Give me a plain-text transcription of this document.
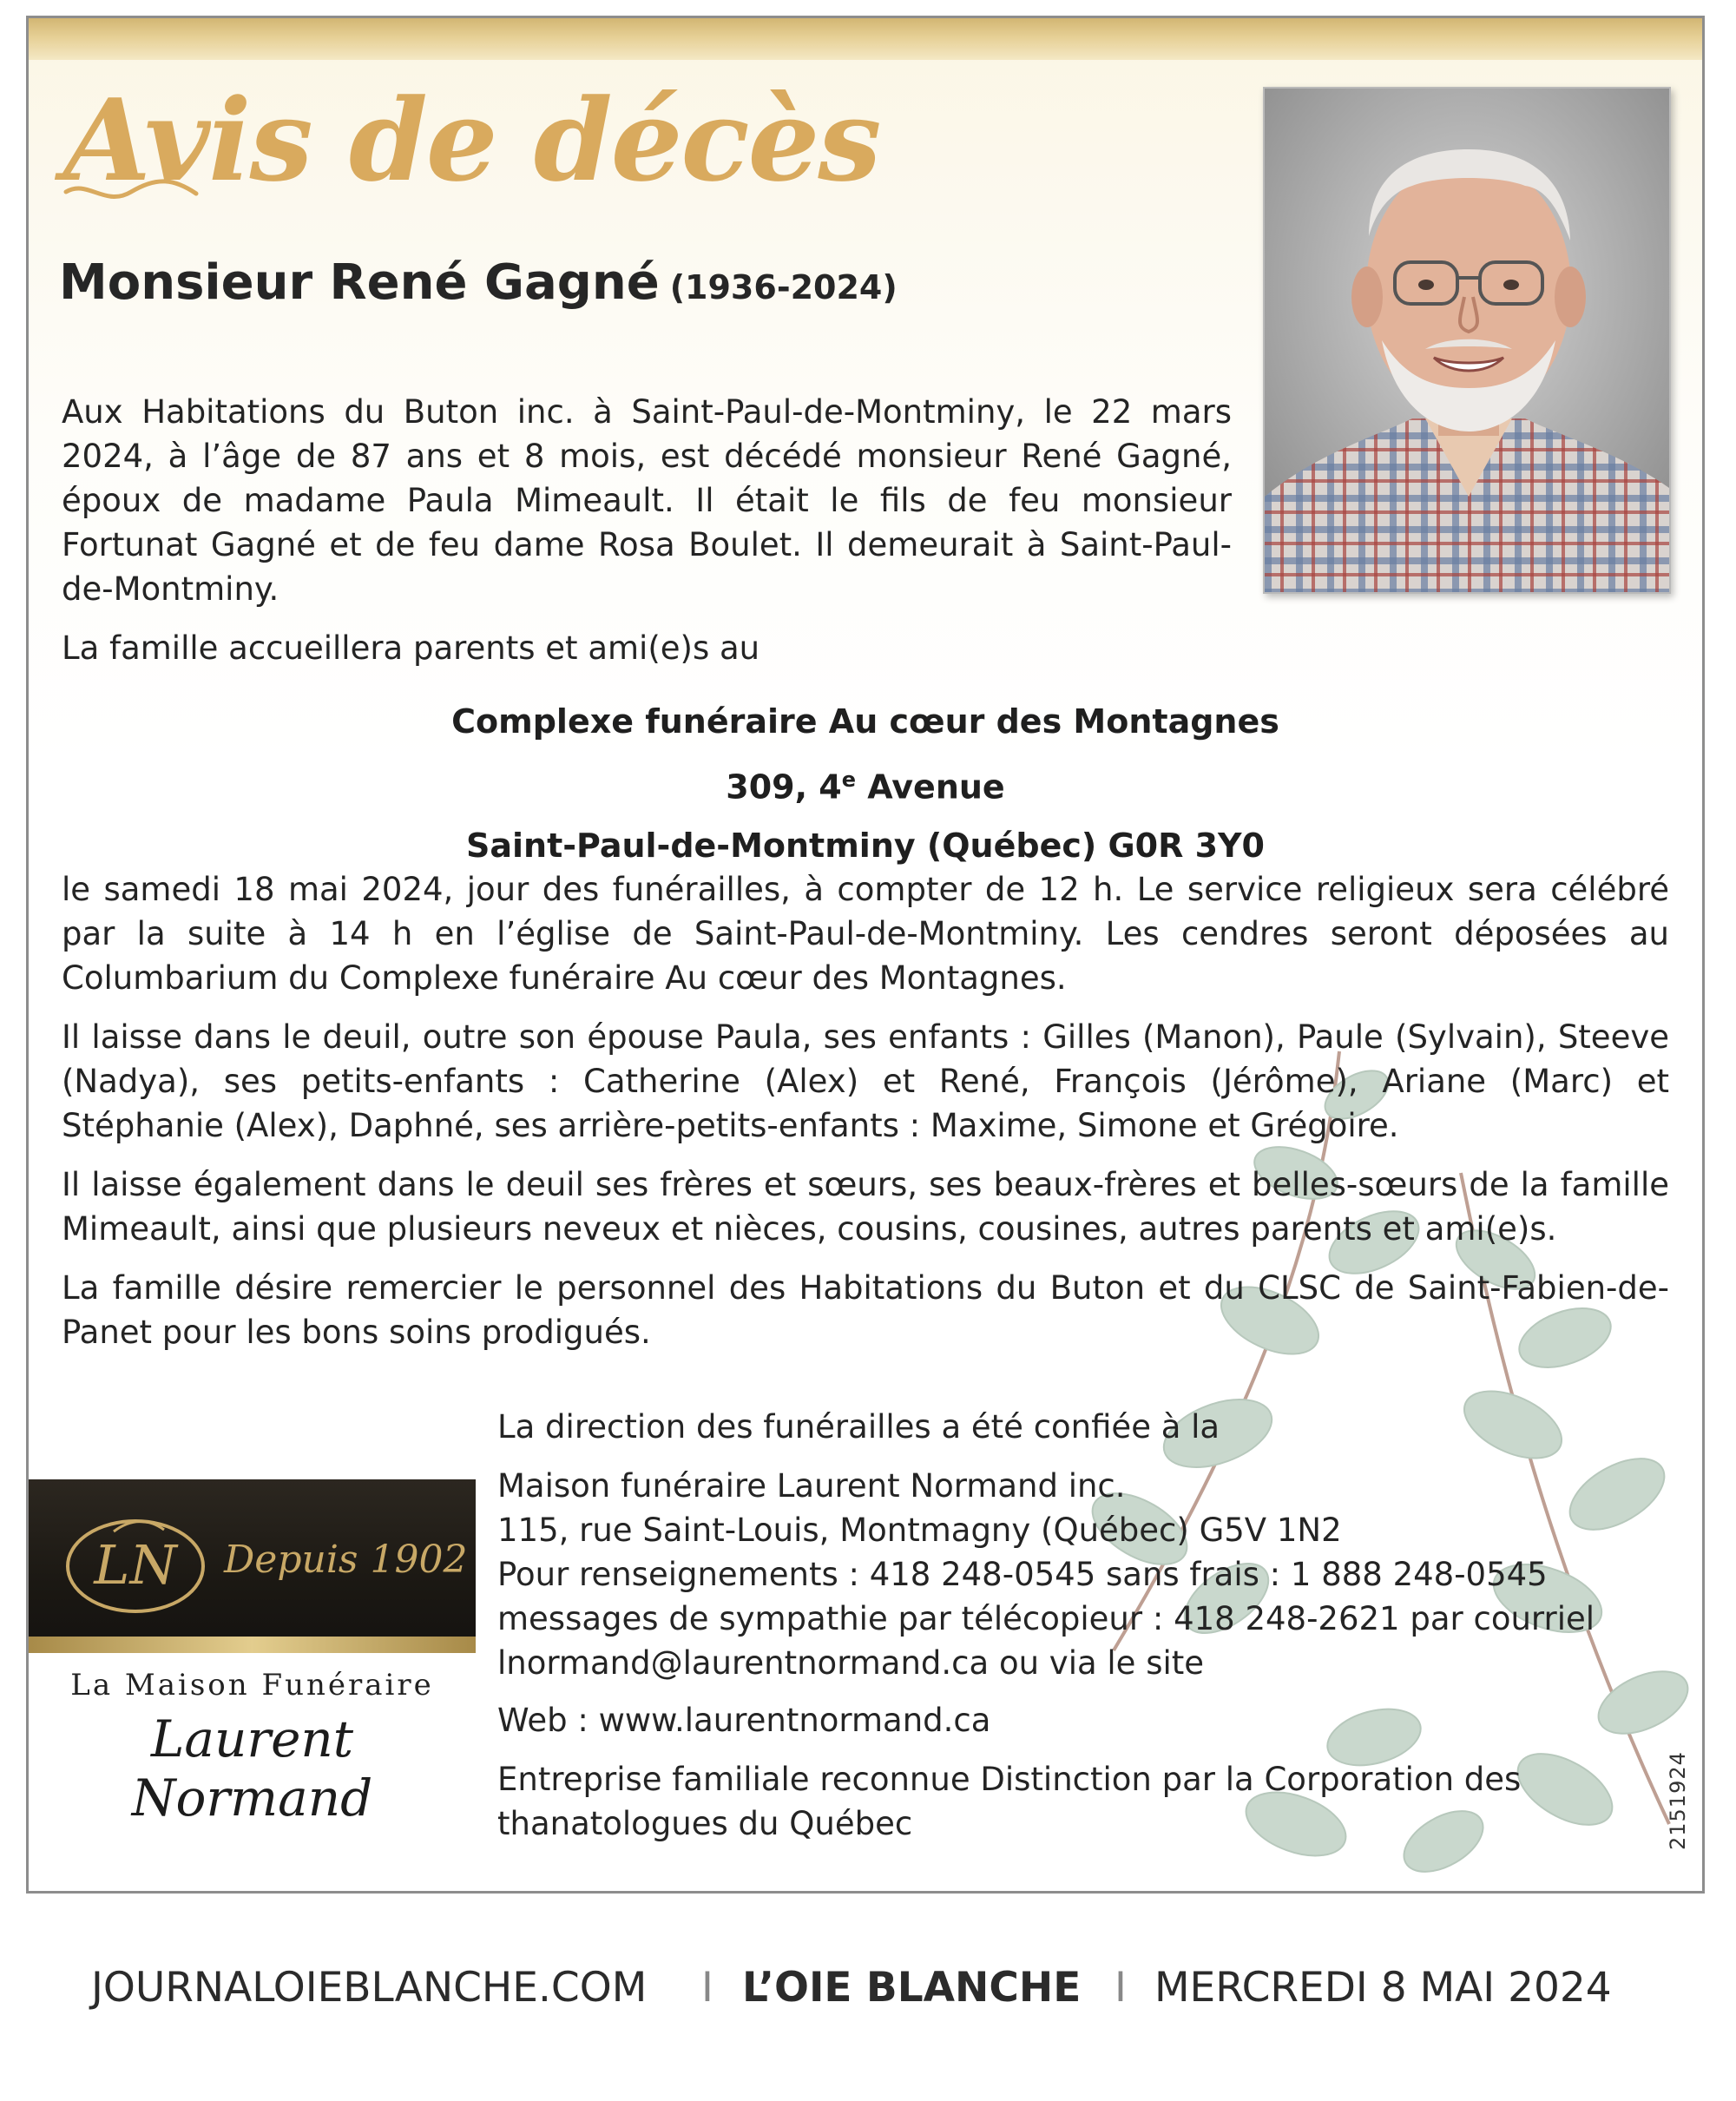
Avis de décès
Monsieur René Gagné (1936-2024)

Aux Habitations du Buton inc. à Saint-Paul-de-Montminy, le 22 mars 2024, à l’âge de 87 ans et 8 mois, est décédé monsieur René Gagné, époux de madame Paula Mimeault. Il était le fils de feu monsieur Fortunat Gagné et de feu dame Rosa Boulet. Il demeurait à Saint-Paul-de-Montminy.

La famille accueillera parents et ami(e)s au

Complexe funéraire Au cœur des Montagnes
309, 4e Avenue
Saint-Paul-de-Montminy (Québec) G0R 3Y0

le samedi 18 mai 2024, jour des funérailles, à compter de 12 h. Le service religieux sera célébré par la suite à 14 h en l’église de Saint-Paul-de-Montminy. Les cendres seront déposées au Columbarium du Complexe funéraire Au cœur des Montagnes.

Il laisse dans le deuil, outre son épouse Paula, ses enfants : Gilles (Manon), Paule (Sylvain), Steeve (Nadya), ses petits-enfants : Catherine (Alex) et René, François (Jérôme), Ariane (Marc) et Stéphanie (Alex), Daphné, ses arrière-petits-enfants : Maxime, Simone et Grégoire.

Il laisse également dans le deuil ses frères et sœurs, ses beaux-frères et belles-sœurs de la famille Mimeault, ainsi que plusieurs neveux et nièces, cousins, cousines, autres parents et ami(e)s.

La famille désire remercier le personnel des Habitations du Buton et du CLSC de Saint-Fabien-de-Panet pour les bons soins prodigués.

LN Depuis 1902
La Maison Funéraire
Laurent Normand
La direction des funérailles a été confiée à la
Maison funéraire Laurent Normand inc.
115, rue Saint-Louis, Montmagny (Québec) G5V 1N2
Pour renseignements : 418 248-0545 sans frais : 1 888 248-0545 messages de sympathie par télécopieur : 418 248-2621 par courriel lnormand@laurentnormand.ca ou via le site
Web : www.laurentnormand.ca
Entreprise familiale reconnue Distinction par la Corporation des thanatologues du Québec	2151924
JOURNALOIEBLANCHE.COM I L’OIE BLANCHE I MERCREDI 8 MAI 2024
